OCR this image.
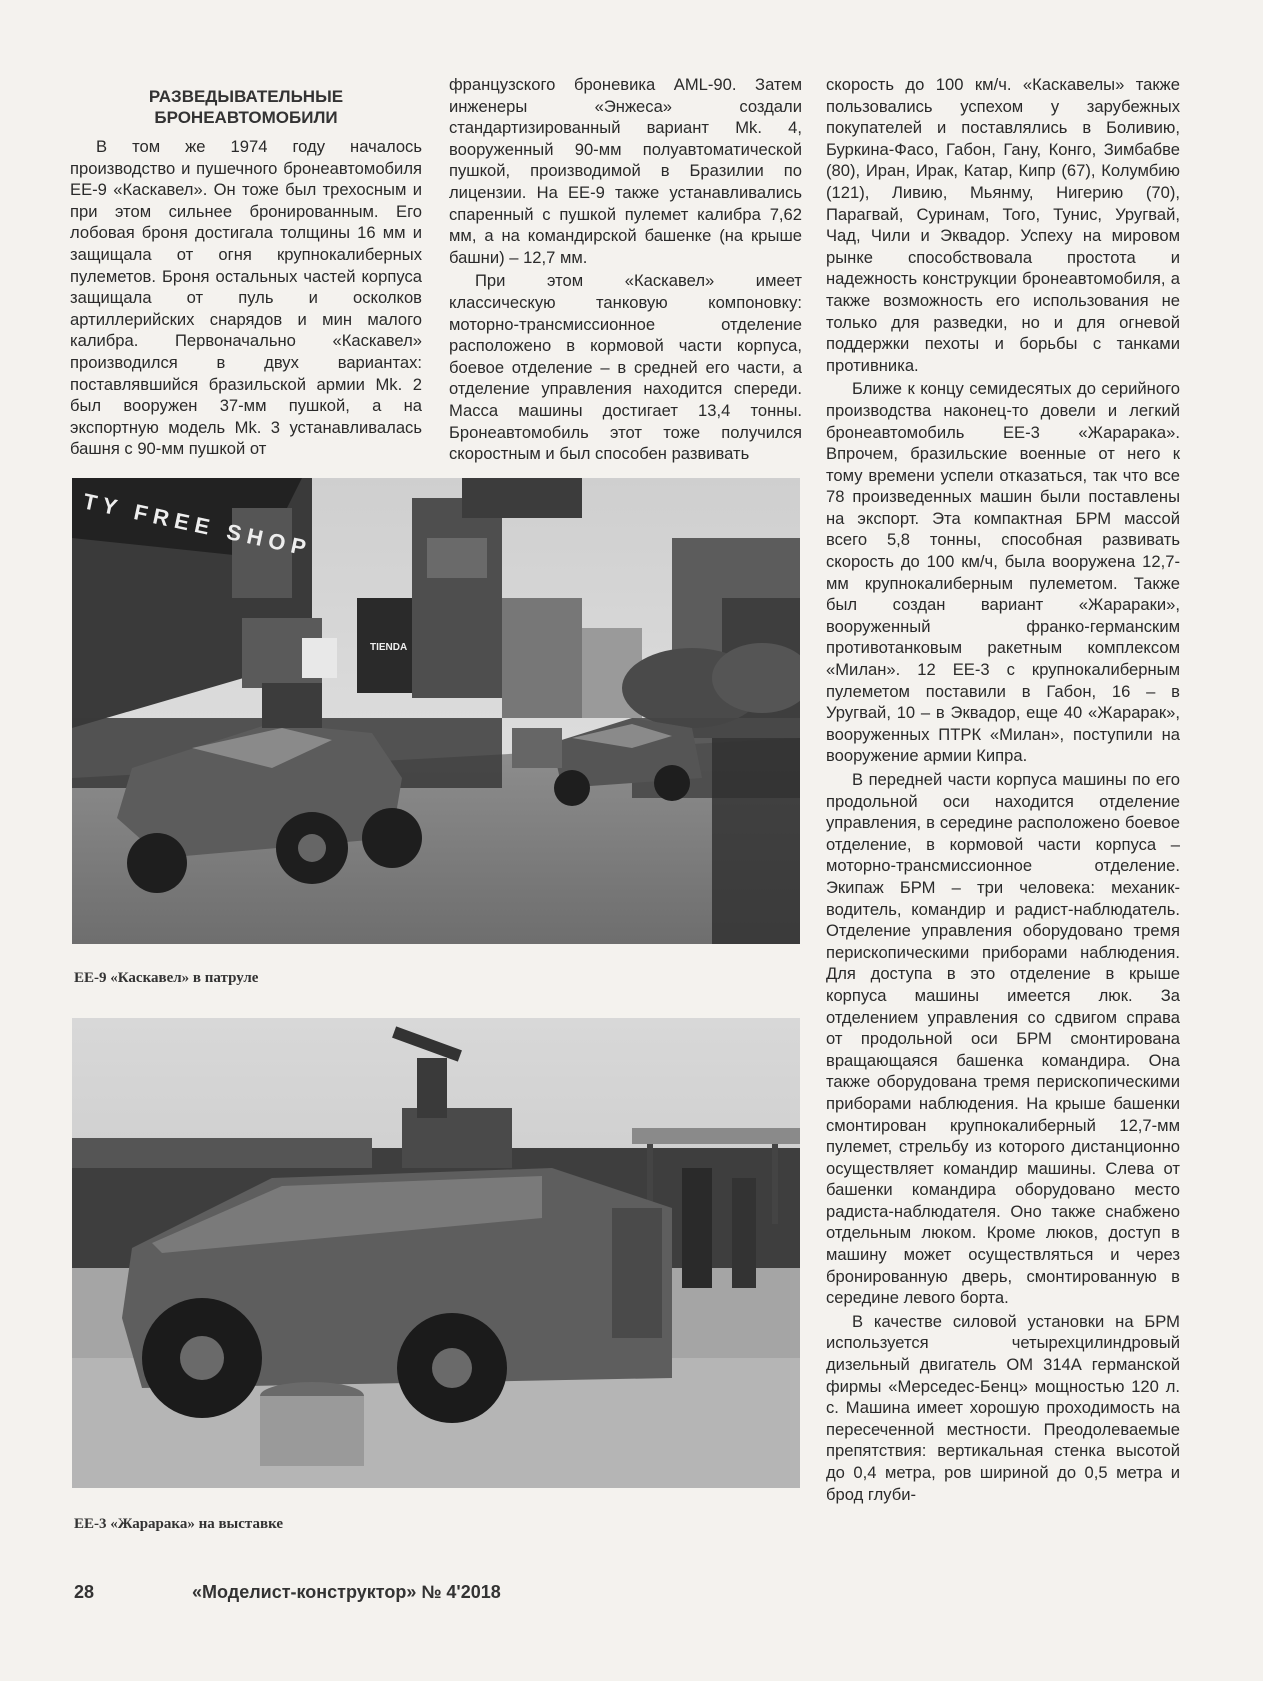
РАЗВЕДЫВАТЕЛЬНЫЕ
БРОНЕАВТОМОБИЛИ

В том же 1974 году началось производство и пушечного бронеавтомобиля EE-9 «Каскавел». Он тоже был трехосным и при этом сильнее бронированным. Его лобовая броня достигала толщины 16 мм и защищала от огня крупнокалиберных пулеметов. Броня остальных частей корпуса защищала от пуль и осколков артиллерийских снарядов и мин малого калибра. Первоначально «Каскавел» производился в двух вариантах: поставлявшийся бразильской армии Mk. 2 был вооружен 37-мм пушкой, а на экспортную модель Mk. 3 устанавливалась башня с 90-мм пушкой от

французского броневика AML-90. Затем инженеры «Энжеса» создали стандартизированный вариант Mk. 4, вооруженный 90-мм полуавтоматической пушкой, производимой в Бразилии по лицензии. На EE-9 также устанавливались спаренный с пушкой пулемет калибра 7,62 мм, а на командирской башенке (на крыше башни) – 12,7 мм.

При этом «Каскавел» имеет классическую танковую компоновку: моторно-трансмиссионное отделение расположено в кормовой части корпуса, боевое отделение – в средней его части, а отделение управления находится спереди. Масса машины достигает 13,4 тонны. Бронеавтомобиль этот тоже получился скоростным и был способен развивать

скорость до 100 км/ч. «Каскавелы» также пользовались успехом у зарубежных покупателей и поставлялись в Боливию, Буркина-Фасо, Габон, Гану, Конго, Зимбабве (80), Иран, Ирак, Катар, Кипр (67), Колумбию (121), Ливию, Мьянму, Нигерию (70), Парагвай, Суринам, Того, Тунис, Уругвай, Чад, Чили и Эквадор. Успеху на мировом рынке способствовала простота и надежность конструкции бронеавтомобиля, а также возможность его использования не только для разведки, но и для огневой поддержки пехоты и борьбы с танками противника.

Ближе к концу семидесятых до серийного производства наконец-то довели и легкий бронеавтомобиль EE-3 «Жарарака». Впрочем, бразильские военные от него к тому времени успели отказаться, так что все 78 произведенных машин были поставлены на экспорт. Эта компактная БРМ массой всего 5,8 тонны, способная развивать скорость до 100 км/ч, была вооружена 12,7-мм крупнокалиберным пулеметом. Также был создан вариант «Жарараки», вооруженный франко-германским противотанковым ракетным комплексом «Милан». 12 EE-3 с крупнокалиберным пулеметом поставили в Габон, 16 – в Уругвай, 10 – в Эквадор, еще 40 «Жарарак», вооруженных ПТРК «Милан», поступили на вооружение армии Кипра.

В передней части корпуса машины по его продольной оси находится отделение управления, в середине расположено боевое отделение, в кормовой части корпуса – моторно-трансмиссионное отделение. Экипаж БРМ – три человека: механик-водитель, командир и радист-наблюдатель. Отделение управления оборудовано тремя перископическими приборами наблюдения. Для доступа в это отделение в крыше корпуса машины имеется люк. За отделением управления со сдвигом справа от продольной оси БРМ смонтирована вращающаяся башенка командира. Она также оборудована тремя перископическими приборами наблюдения. На крыше башенки смонтирован крупнокалиберный 12,7-мм пулемет, стрельбу из которого дистанционно осуществляет командир машины. Слева от башенки командира оборудовано место радиста-наблюдателя. Оно также снабжено отдельным люком. Кроме люков, доступ в машину может осуществляться и через бронированную дверь, смонтированную в середине левого борта.

В качестве силовой установки на БРМ используется четырехцилиндровый дизельный двигатель ОМ 314А германской фирмы «Мерседес-Бенц» мощностью 120 л. с. Машина имеет хорошую проходимость на пересеченной местности. Преодолеваемые препятствия: вертикальная стенка высотой до 0,4 метра, ров шириной до 0,5 метра и брод глуби-

TY FREE SHOP
TIENDA
EE-9 «Каскавел» в патруле
EE-3 «Жарарака» на выставке
28	«Моделист-конструктор» № 4'2018
